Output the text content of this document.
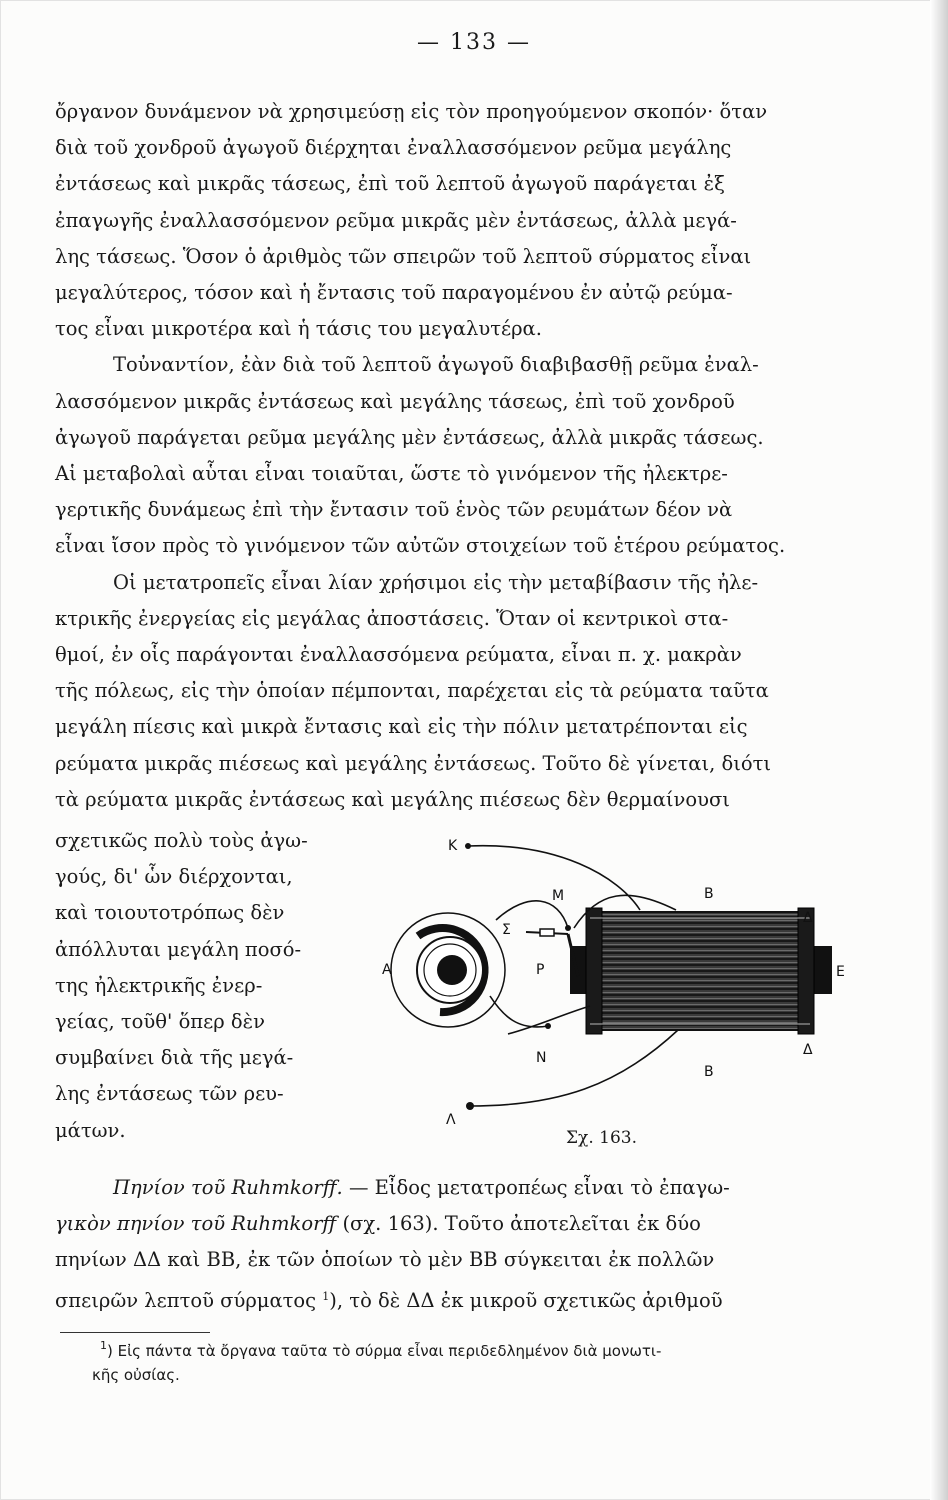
— 133 —
ὄργανον δυνάμενον νὰ χρησιμεύσῃ εἰς τὸν προηγούμενον σκοπόν· ὅταν
διὰ τοῦ χονδροῦ ἀγωγοῦ διέρχηται ἐναλλασσόμενον ρεῦμα μεγάλης
ἐντάσεως καὶ μικρᾶς τάσεως, ἐπὶ τοῦ λεπτοῦ ἀγωγοῦ παράγεται ἐξ
ἐπαγωγῆς ἐναλλασσόμενον ρεῦμα μικρᾶς μὲν ἐντάσεως, ἀλλὰ μεγά-
λης τάσεως. Ὅσον ὁ ἀριθμὸς τῶν σπειρῶν τοῦ λεπτοῦ σύρματος εἶναι
μεγαλύτερος, τόσον καὶ ἡ ἔντασις τοῦ παραγομένου ἐν αὐτῷ ρεύμα-
τος εἶναι μικροτέρα καὶ ἡ τάσις του μεγαλυτέρα.
Τοὐναντίον, ἐὰν διὰ τοῦ λεπτοῦ ἀγωγοῦ διαβιβασθῇ ρεῦμα ἐναλ-
λασσόμενον μικρᾶς ἐντάσεως καὶ μεγάλης τάσεως, ἐπὶ τοῦ χονδροῦ
ἀγωγοῦ παράγεται ρεῦμα μεγάλης μὲν ἐντάσεως, ἀλλὰ μικρᾶς τάσεως.
Αἱ μεταβολαὶ αὗται εἶναι τοιαῦται, ὥστε τὸ γινόμενον τῆς ἠλεκτρε-
γερτικῆς δυνάμεως ἐπὶ τὴν ἔντασιν τοῦ ἑνὸς τῶν ρευμάτων δέον νὰ
εἶναι ἴσον πρὸς τὸ γινόμενον τῶν αὐτῶν στοιχείων τοῦ ἑτέρου ρεύματος.
Οἱ μετατροπεῖς εἶναι λίαν χρήσιμοι εἰς τὴν μεταβίβασιν τῆς ἠλε-
κτρικῆς ἐνεργείας εἰς μεγάλας ἀποστάσεις. Ὅταν οἱ κεντρικοὶ στα-
θμοί, ἐν οἷς παράγονται ἐναλλασσόμενα ρεύματα, εἶναι π. χ. μακρὰν
τῆς πόλεως, εἰς τὴν ὁποίαν πέμπονται, παρέχεται εἰς τὰ ρεύματα ταῦτα
μεγάλη πίεσις καὶ μικρὰ ἔντασις καὶ εἰς τὴν πόλιν μετατρέπονται εἰς
ρεύματα μικρᾶς πιέσεως καὶ μεγάλης ἐντάσεως. Τοῦτο δὲ γίνεται, διότι
τὰ ρεύματα μικρᾶς ἐντάσεως καὶ μεγάλης πιέσεως δὲν θερμαίνουσι
σχετικῶς πολὺ τοὺς ἀγω-
γούς, δι' ὧν διέρχονται,
καὶ τοιουτοτρόπως δὲν
ἀπόλλυται μεγάλη ποσό-
της ἠλεκτρικῆς ἐνερ-
γείας, τοῦθ' ὅπερ δὲν
συμβαίνει διὰ τῆς μεγά-
λης ἐντάσεως τῶν ρευ-
μάτων.
Κ
Μ
Σ
Β
Δ
Α	Ρ	Ε
Δ
Ν
Β
Λ
Σχ. 163.
Πηνίον τοῦ Ruhmkorff. — Εἶδος μετατροπέως εἶναι τὸ ἐπαγω-
γικὸν πηνίον τοῦ Ruhmkorff (σχ. 163). Τοῦτο ἀποτελεῖται ἐκ δύο
πηνίων ΔΔ καὶ ΒΒ, ἐκ τῶν ὁποίων τὸ μὲν ΒΒ σύγκειται ἐκ πολλῶν
σπειρῶν λεπτοῦ σύρματος $^1$), τὸ δὲ ΔΔ ἐκ μικροῦ σχετικῶς ἀριθμοῦ
$^1$) Εἰς πάντα τὰ ὄργανα ταῦτα τὸ σύρμα εἶναι περιδεδλημένον διὰ μονωτι-
κῆς οὐσίας.
